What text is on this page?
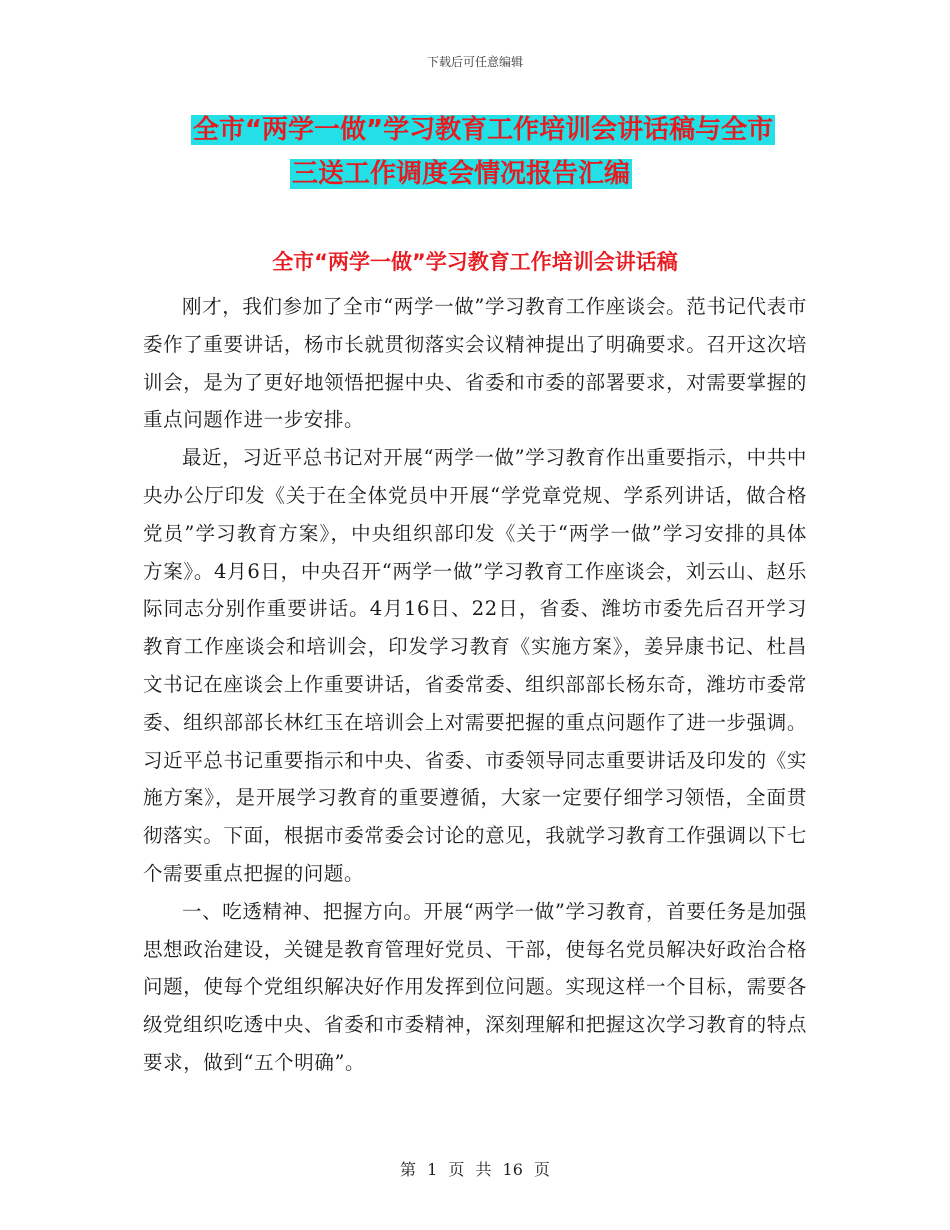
下载后可任意编辑
全市“两学一做”学习教育工作培训会讲话稿与全市
三送工作调度会情况报告汇编
全市“两学一做”学习教育工作培训会讲话稿

刚才，我们参加了全市“两学一做”学习教育工作座谈会。范书记代表市委作了重要讲话，杨市长就贯彻落实会议精神提出了明确要求。召开这次培训会，是为了更好地领悟把握中央、省委和市委的部署要求，对需要掌握的重点问题作进一步安排。

最近，习近平总书记对开展“两学一做”学习教育作出重要指示，中共中央办公厅印发《关于在全体党员中开展“学党章党规、学系列讲话，做合格党员”学习教育方案》，中央组织部印发《关于“两学一做”学习安排的具体方案》。4月6日，中央召开“两学一做”学习教育工作座谈会，刘云山、赵乐际同志分别作重要讲话。4月16日、22日，省委、潍坊市委先后召开学习教育工作座谈会和培训会，印发学习教育《实施方案》，姜异康书记、杜昌文书记在座谈会上作重要讲话，省委常委、组织部部长杨东奇，潍坊市委常委、组织部部长林红玉在培训会上对需要把握的重点问题作了进一步强调。习近平总书记重要指示和中央、省委、市委领导同志重要讲话及印发的《实施方案》，是开展学习教育的重要遵循，大家一定要仔细学习领悟，全面贯彻落实。下面，根据市委常委会讨论的意见，我就学习教育工作强调以下七个需要重点把握的问题。

一、吃透精神、把握方向。开展“两学一做”学习教育，首要任务是加强思想政治建设，关键是教育管理好党员、干部，使每名党员解决好政治合格问题，使每个党组织解决好作用发挥到位问题。实现这样一个目标，需要各级党组织吃透中央、省委和市委精神，深刻理解和把握这次学习教育的特点要求，做到“五个明确”。

第 1 页 共 16 页
